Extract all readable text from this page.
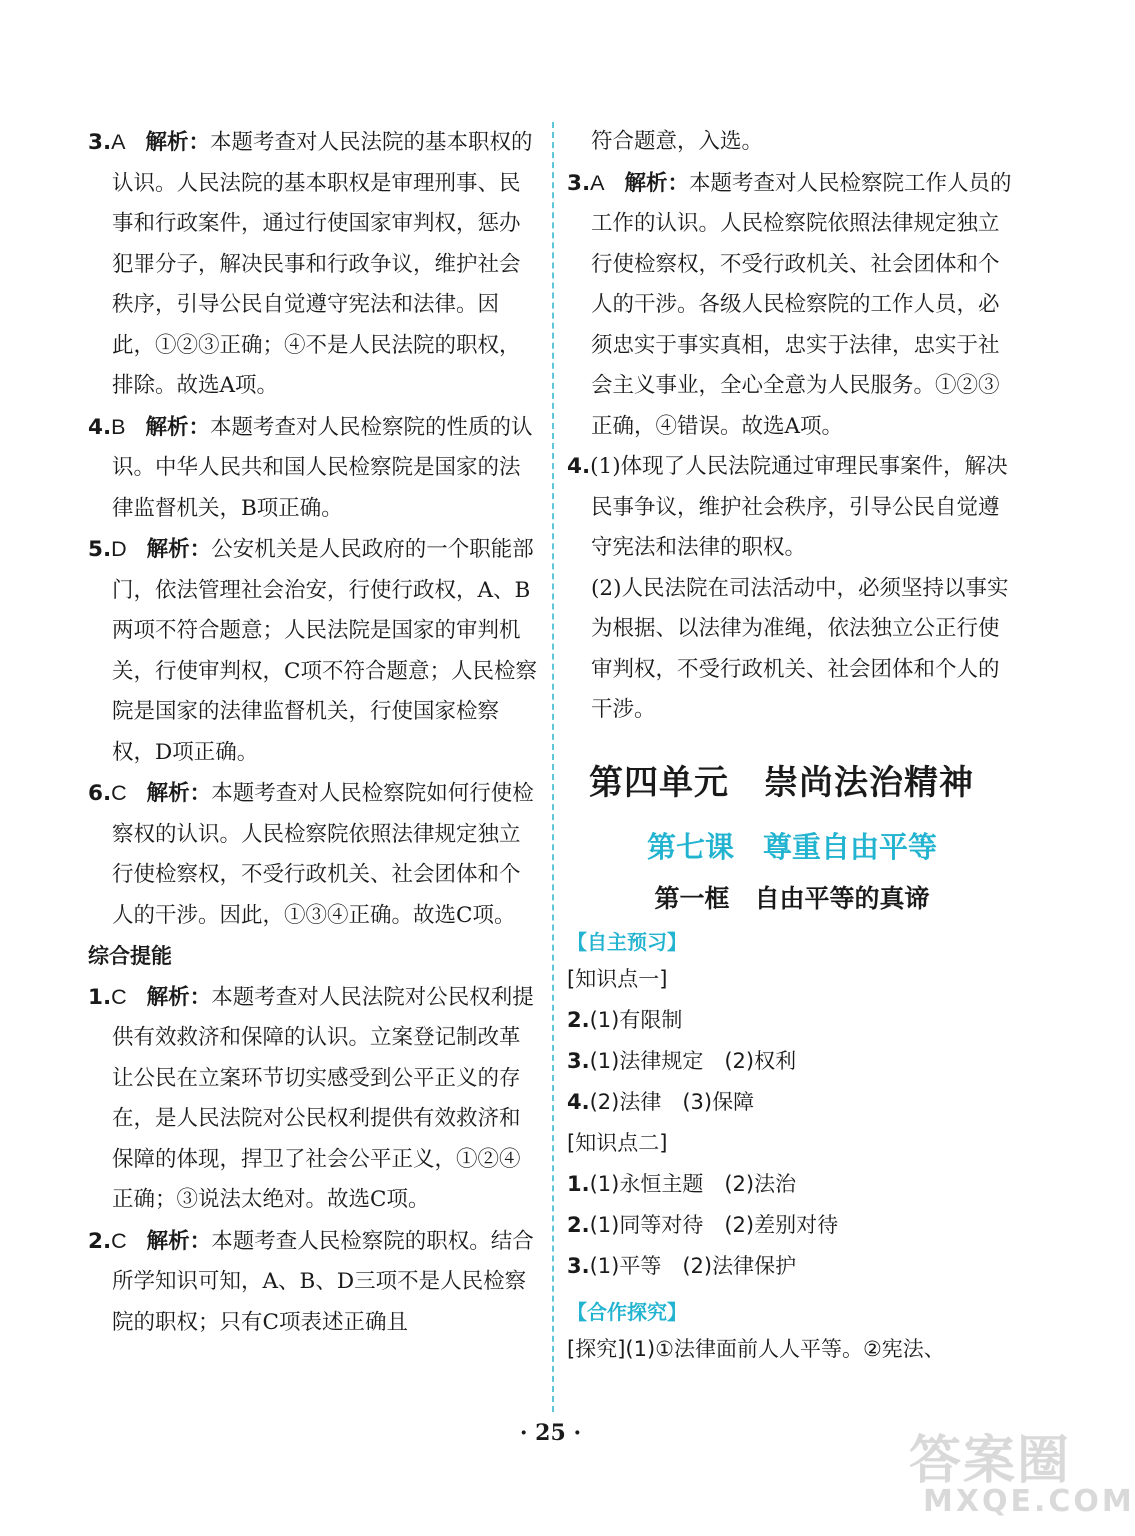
3.A 解析：本题考查对人民法院的基本职权的认识。人民法院的基本职权是审理刑事、民事和行政案件，通过行使国家审判权，惩办犯罪分子，解决民事和行政争议，维护社会秩序，引导公民自觉遵守宪法和法律。因此，①②③正确；④不是人民法院的职权，排除。故选A项。

4.B 解析：本题考查对人民检察院的性质的认识。中华人民共和国人民检察院是国家的法律监督机关，B项正确。

5.D 解析：公安机关是人民政府的一个职能部门，依法管理社会治安，行使行政权，A、B两项不符合题意；人民法院是国家的审判机关，行使审判权，C项不符合题意；人民检察院是国家的法律监督机关，行使国家检察权，D项正确。

6.C 解析：本题考查对人民检察院如何行使检察权的认识。人民检察院依照法律规定独立行使检察权，不受行政机关、社会团体和个人的干涉。因此，①③④正确。故选C项。

综合提能

1.C 解析：本题考查对人民法院对公民权利提供有效救济和保障的认识。立案登记制改革让公民在立案环节切实感受到公平正义的存在，是人民法院对公民权利提供有效救济和保障的体现，捍卫了社会公平正义，①②④正确；③说法太绝对。故选C项。

2.C 解析：本题考查人民检察院的职权。结合所学知识可知，A、B、D三项不是人民检察院的职权；只有C项表述正确且

符合题意，入选。

3.A 解析：本题考查对人民检察院工作人员的工作的认识。人民检察院依照法律规定独立行使检察权，不受行政机关、社会团体和个人的干涉。各级人民检察院的工作人员，必须忠实于事实真相，忠实于法律，忠实于社会主义事业，全心全意为人民服务。①②③正确，④错误。故选A项。

4.(1)体现了人民法院通过审理民事案件，解决民事争议，维护社会秩序，引导公民自觉遵守宪法和法律的职权。

(2)人民法院在司法活动中，必须坚持以事实为根据、以法律为准绳，依法独立公正行使审判权，不受行政机关、社会团体和个人的干涉。

第四单元　崇尚法治精神
第七课　尊重自由平等
第一框　自由平等的真谛
【自主预习】
[知识点一]
2.(1)有限制
3.(1)法律规定　(2)权利
4.(2)法律　(3)保障
[知识点二]
1.(1)永恒主题　(2)法治
2.(1)同等对待　(2)差别对待
3.(1)平等　(2)法律保护
【合作探究】
[探究](1)①法律面前人人平等。②宪法、
· 25 ·	答案圈
MXQE.COM
